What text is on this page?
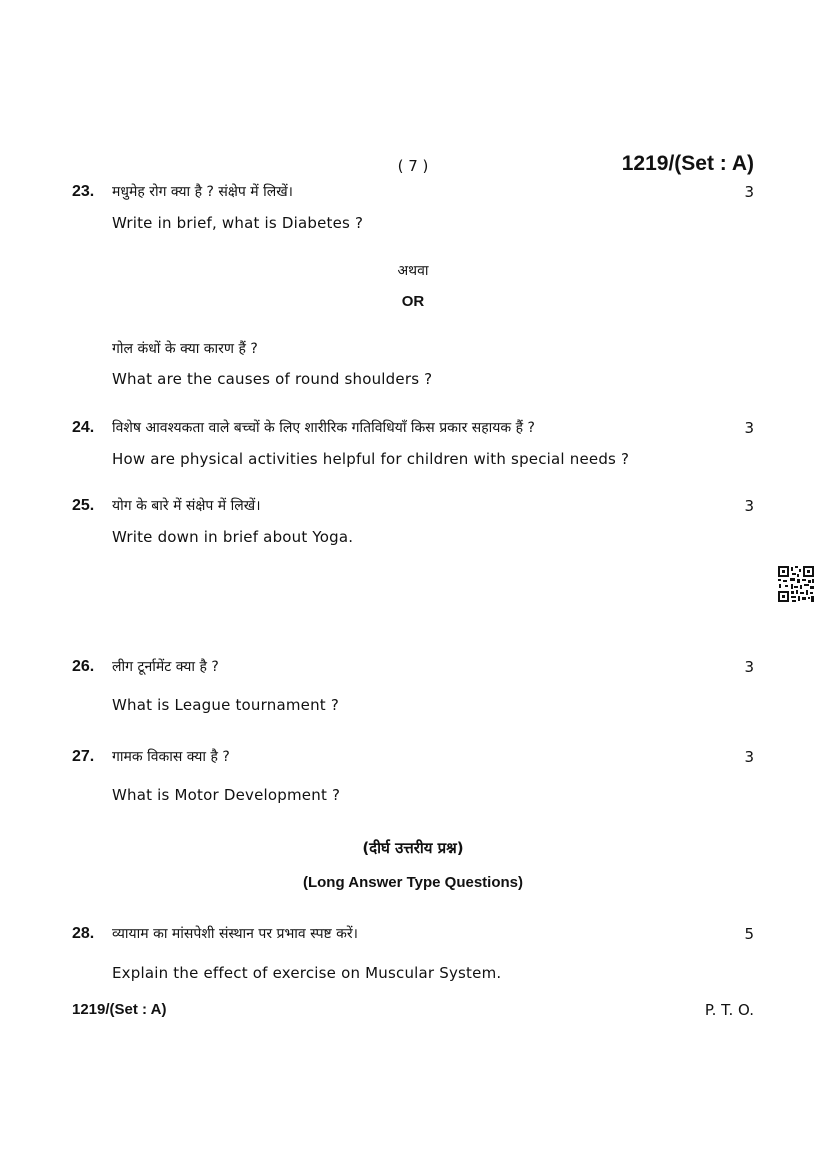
( 7 )	1219/(Set : A)
23. मधुमेह रोग क्या है ? संक्षेप में लिखें।	3
Write in brief, what is Diabetes ?
अथवा
OR
गोल कंधों के क्या कारण हैं ?
What are the causes of round shoulders ?
24. विशेष आवश्यकता वाले बच्चों के लिए शारीरिक गतिविधियाँ किस प्रकार सहायक हैं ?	3
How are physical activities helpful for children with special needs ?
25. योग के बारे में संक्षेप में लिखें।	3
Write down in brief about Yoga.
26. लीग टूर्नामेंट क्या है ?	3
What is League tournament ?
27. गामक विकास क्या है ?	3
What is Motor Development ?
(दीर्घ उत्तरीय प्रश्न)
(Long Answer Type Questions)
28. व्यायाम का मांसपेशी संस्थान पर प्रभाव स्पष्ट करें।	5
Explain the effect of exercise on Muscular System.
1219/(Set : A)	P. T. O.
